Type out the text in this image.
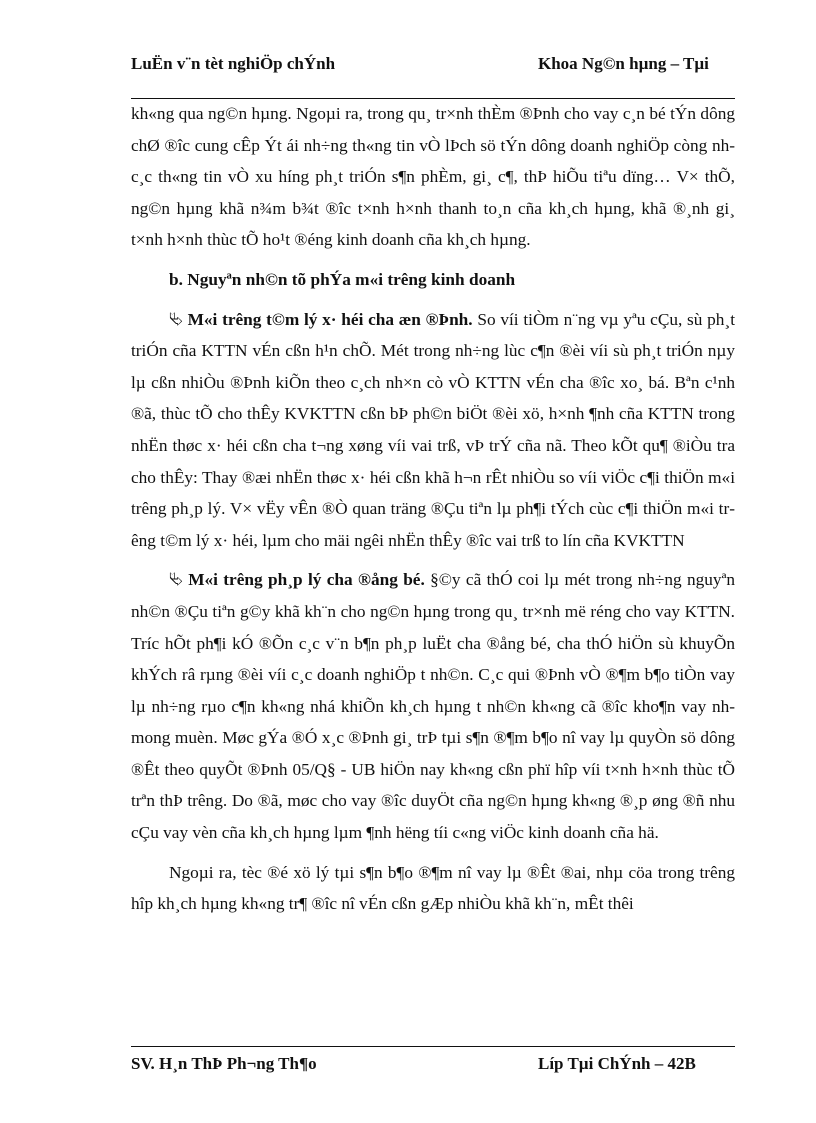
LuËn v¨n tèt nghiÖp chÝnh	Khoa Ng©n hµng – Tµi

kh«ng qua ng©n hµng. Ngoµi ra, trong qu¸ tr×nh thÈm ®Þnh cho vay c¸n bé tÝn dông chØ ®îc cung cÊp Ýt ái nh÷ng th«ng tin vÒ lÞch sö tÝn dông doanh nghiÖp còng nh c¸c th«ng tin vÒ xu híng ph¸t triÓn s¶n phÈm, gi¸ c¶, thÞ hiÕu tiªu dïng… V× thÕ, ng©n hµng khã n¾m b¾t ®îc t×nh h×nh thanh to¸n cña kh¸ch hµng, khã ®¸nh gi¸ t×nh h×nh thùc tÕ ho¹t ®éng kinh doanh cña kh¸ch hµng.

b. Nguyªn nh©n tõ phÝa m«i trêng kinh doanh

⮱ M«i trêng t©m lý x· héi cha æn ®Þnh. So víi tiÒm n¨ng vµ yªu cÇu, sù ph¸t triÓn cña KTTN vÉn cßn h¹n chÕ. Mét trong nh÷ng lùc c¶n ®èi víi sù ph¸t triÓn nµy lµ cßn nhiÒu ®Þnh kiÕn theo c¸ch nh×n cò vÒ KTTN vÉn cha ®îc xo¸ bá. Bªn c¹nh ®ã, thùc tÕ cho thÊy KVKTTN cßn bÞ ph©n biÖt ®èi xö, h×nh ¶nh cña KTTN trong nhËn thøc x· héi cßn cha t¬ng xøng víi vai trß, vÞ trÝ cña nã. Theo kÕt qu¶ ®iÒu tra cho thÊy: Thay ®æi nhËn thøc x· héi cßn khã h¬n rÊt nhiÒu so víi viÖc c¶i thiÖn m«i trêng ph¸p lý. V× vËy vÊn ®Ò quan träng ®Çu tiªn lµ ph¶i tÝch cùc c¶i thiÖn m«i trêng t©m lý x· héi, lµm cho mäi ngêi nhËn thÊy ®îc vai trß to lín cña KVKTTN

⮱ M«i trêng ph¸p lý cha ®ång bé. §©y cã thÓ coi lµ mét trong nh÷ng nguyªn nh©n ®Çu tiªn g©y khã kh¨n cho ng©n hµng trong qu¸ tr×nh më réng cho vay KTTN. Tríc hÕt ph¶i kÓ ®Õn c¸c v¨n b¶n ph¸p luËt cha ®ång bé, cha thÓ hiÖn sù khuyÕn khÝch râ rµng ®èi víi c¸c doanh nghiÖp t nh©n. C¸c qui ®Þnh vÒ ®¶m b¶o tiÒn vay lµ nh÷ng rµo c¶n kh«ng nhá khiÕn kh¸ch hµng t nh©n kh«ng cã ®îc kho¶n vay nh mong muèn. Møc gÝa ®Ó x¸c ®Þnh gi¸ trÞ tµi s¶n ®¶m b¶o nî vay lµ quyÒn sö dông ®Êt theo quyÕt ®Þnh 05/Q§ - UB hiÖn nay kh«ng cßn phï hîp víi t×nh h×nh thùc tÕ trªn thÞ trêng. Do ®ã, møc cho vay ®îc duyÖt cña ng©n hµng kh«ng ®¸p øng ®ñ nhu cÇu vay vèn cña kh¸ch hµng lµm ¶nh hëng tíi c«ng viÖc kinh doanh cña hä.

Ngoµi ra, tèc ®é xö lý tµi s¶n b¶o ®¶m nî vay lµ ®Êt ®ai, nhµ cöa trong trêng hîp kh¸ch hµng kh«ng tr¶ ®îc nî vÉn cßn gÆp nhiÒu khã kh¨n, mÊt thêi

SV. H¸n ThÞ Ph¬ng Th¶o	Líp Tµi ChÝnh – 42B
